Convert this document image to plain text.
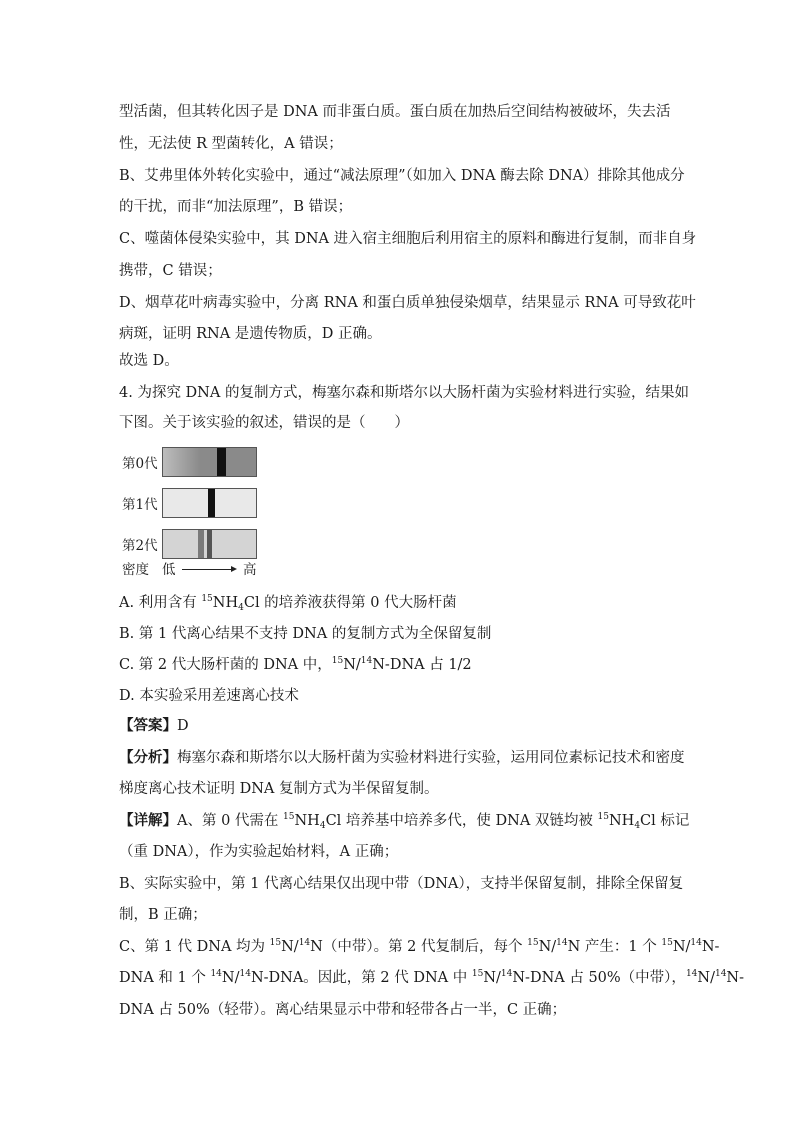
型活菌，但其转化因子是 DNA 而非蛋白质。蛋白质在加热后空间结构被破坏，失去活
性，无法使 R 型菌转化，A 错误；
B、艾弗里体外转化实验中，通过“减法原理”（如加入 DNA 酶去除 DNA）排除其他成分
的干扰，而非“加法原理”，B 错误；
C、噬菌体侵染实验中，其 DNA 进入宿主细胞后利用宿主的原料和酶进行复制，而非自身
携带，C 错误；
D、烟草花叶病毒实验中，分离 RNA 和蛋白质单独侵染烟草，结果显示 RNA 可导致花叶
病斑，证明 RNA 是遗传物质，D 正确。
故选 D。
4. 为探究 DNA 的复制方式，梅塞尔森和斯塔尔以大肠杆菌为实验材料进行实验，结果如
下图。关于该实验的叙述，错误的是（　　）
第0代
第1代
第2代
密度 低	高
A. 利用含有 $^{15}NH_4Cl$ 的培养液获得第 0 代大肠杆菌
B. 第 1 代离心结果不支持 DNA 的复制方式为全保留复制
C. 第 2 代大肠杆菌的 DNA 中，$^{15}$N/$^{14}$N-DNA 占 1/2
D. 本实验采用差速离心技术
【答案】D
【分析】梅塞尔森和斯塔尔以大肠杆菌为实验材料进行实验，运用同位素标记技术和密度
梯度离心技术证明 DNA 复制方式为半保留复制。
【详解】A、第 0 代需在 $^{15}NH_4Cl$ 培养基中培养多代，使 DNA 双链均被 $^{15}NH_4Cl$ 标记
（重 DNA），作为实验起始材料，A 正确；
B、实际实验中，第 1 代离心结果仅出现中带（DNA），支持半保留复制，排除全保留复
制，B 正确；
C、第 1 代 DNA 均为 $^{15}$N/$^{14}$N（中带）。第 2 代复制后，每个 $^{15}$N/$^{14}$N 产生：1 个 $^{15}$N/$^{14}$N-
DNA 和 1 个 $^{14}$N/$^{14}$N-DNA。因此，第 2 代 DNA 中 $^{15}$N/$^{14}$N-DNA 占 50%（中带），$^{14}$N/$^{14}$N-
DNA 占 50%（轻带）。离心结果显示中带和轻带各占一半，C 正确；
